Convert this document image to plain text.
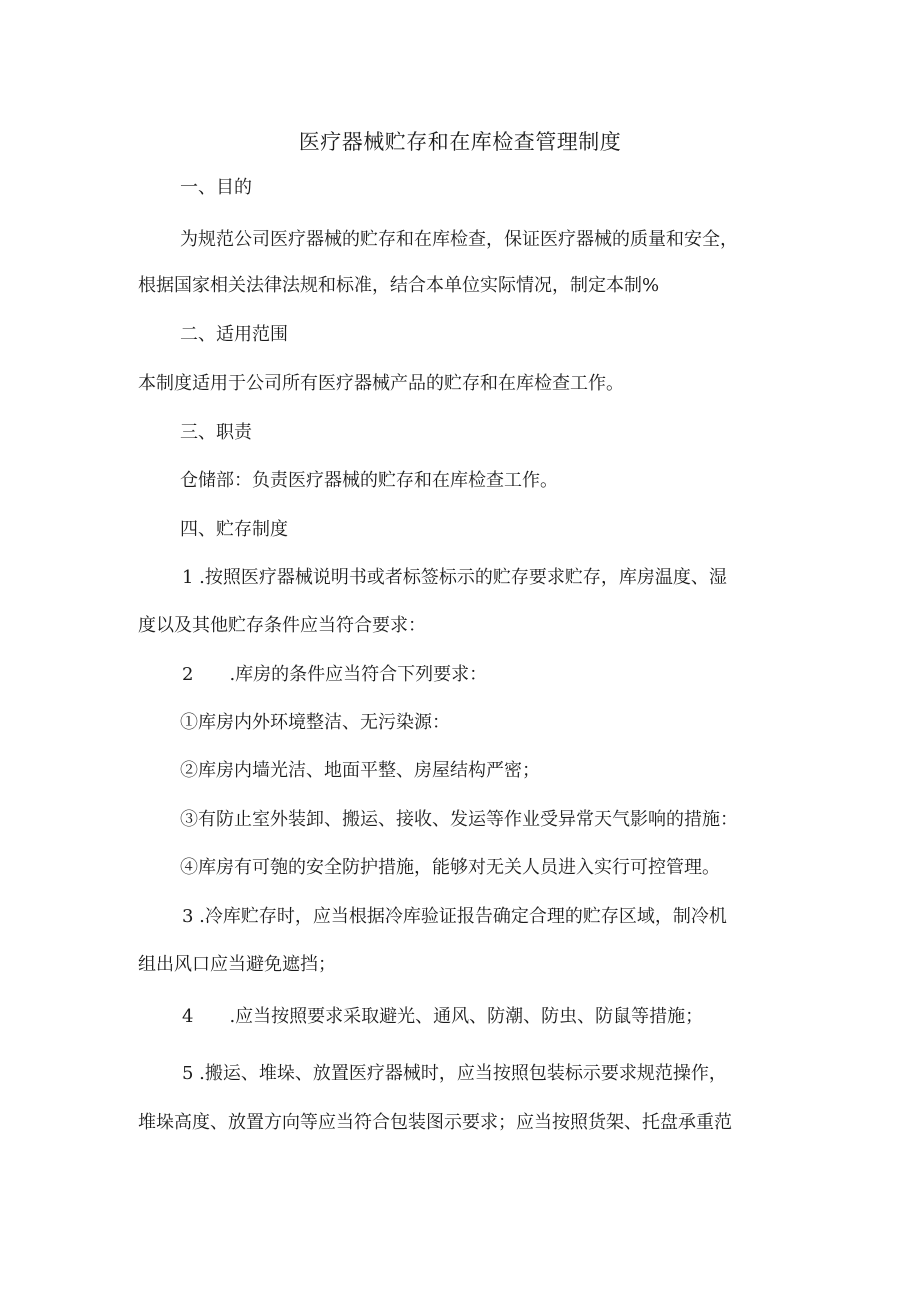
医疗器械贮存和在库检查管理制度

一、目的

为规范公司医疗器械的贮存和在库检查，保证医疗器械的质量和安全，

根据国家相关法律法规和标准，结合本单位实际情况，制定本制%

二、适用范围

本制度适用于公司所有医疗器械产品的贮存和在库检查工作。

三、职责

仓储部：负责医疗器械的贮存和在库检查工作。

四、贮存制度

1 .按照医疗器械说明书或者标签标示的贮存要求贮存，库房温度、湿

度以及其他贮存条件应当符合要求：

2　　.库房的条件应当符合下列要求：

①库房内外环境整洁、无污染源：

②库房内墙光洁、地面平整、房屋结构严密；

③有防止室外装卸、搬运、接收、发运等作业受异常天气影响的措施：

④库房有可匏的安全防护措施，能够对无关人员进入实行可控管理。

3 .冷库贮存时，应当根据冷库验证报告确定合理的贮存区域，制冷机

组出风口应当避免遮挡；

4　　.应当按照要求采取避光、通风、防潮、防虫、防鼠等措施；

5 .搬运、堆垛、放置医疗器械时，应当按照包装标示要求规范操作，

堆垛高度、放置方向等应当符合包装图示要求；应当按照货架、托盘承重范
